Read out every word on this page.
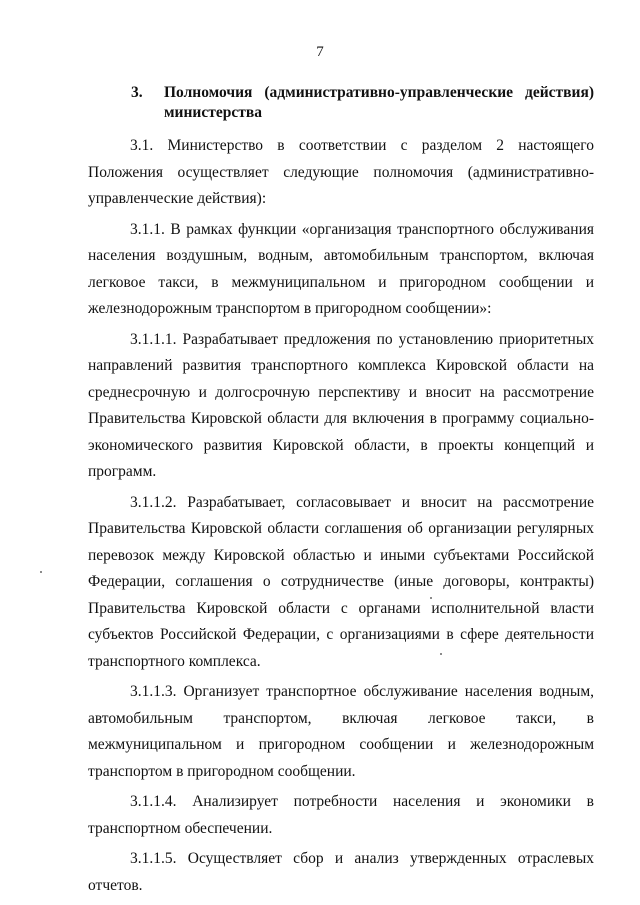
7
3. Полномочия (административно-управленческие действия) министерства

3.1. Министерство в соответствии с разделом 2 настоящего Положения осуществляет следующие полномочия (административно-управленческие действия):

3.1.1. В рамках функции «организация транспортного обслуживания населения воздушным, водным, автомобильным транспортом, включая легковое такси, в межмуниципальном и пригородном сообщении и железнодорожным транспортом в пригородном сообщении»:

3.1.1.1. Разрабатывает предложения по установлению приоритетных направлений развития транспортного комплекса Кировской области на среднесрочную и долгосрочную перспективу и вносит на рассмотрение Правительства Кировской области для включения в программу социально-экономического развития Кировской области, в проекты концепций и программ.

3.1.1.2. Разрабатывает, согласовывает и вносит на рассмотрение Правительства Кировской области соглашения об организации регулярных перевозок между Кировской областью и иными субъектами Российской Федерации, соглашения о сотрудничестве (иные договоры, контракты) Правительства Кировской области с органами исполнительной власти субъектов Российской Федерации, с организациями в сфере деятельности транспортного комплекса.

3.1.1.3. Организует транспортное обслуживание населения водным, автомобильным транспортом, включая легковое такси, в межмуниципальном и пригородном сообщении и железнодорожным транспортом в пригородном сообщении.

3.1.1.4. Анализирует потребности населения и экономики в транспортном обеспечении.

3.1.1.5. Осуществляет сбор и анализ утвержденных отраслевых отчетов.
